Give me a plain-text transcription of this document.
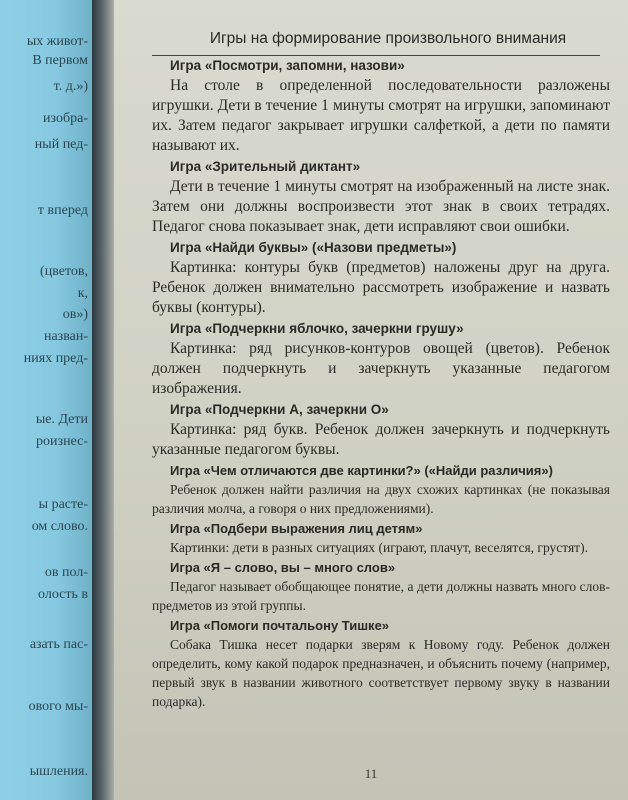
ых живот-
В первом
т. д.»)
изобра-
ный пед-
т вперед
(цветов,
к,
ов»)
назван-
ниях пред-
ые. Дети
роизнес-
ы расте-
ом слово.
ов пол-
олость в
азать пас-
ового мы-
ышления.
Игры на формирование произвольного внимания
Игра «Посмотри, запомни, назови»
На столе в определенной последовательности разложены игрушки. Дети в течение 1 минуты смотрят на игрушки, запоминают их. Затем педагог закрывает игрушки салфеткой, а дети по памяти называют их.
Игра «Зрительный диктант»
Дети в течение 1 минуты смотрят на изображенный на листе знак. Затем они должны воспроизвести этот знак в своих тетрадях. Педагог снова показывает знак, дети исправляют свои ошибки.
Игра «Найди буквы» («Назови предметы»)
Картинка: контуры букв (предметов) наложены друг на друга. Ребенок должен внимательно рассмотреть изображение и назвать буквы (контуры).
Игра «Подчеркни яблочко, зачеркни грушу»
Картинка: ряд рисунков-контуров овощей (цветов). Ребенок должен подчеркнуть и зачеркнуть указанные педагогом изображения.
Игра «Подчеркни А, зачеркни О»
Картинка: ряд букв. Ребенок должен зачеркнуть и подчеркнуть указанные педагогом буквы.
Игра «Чем отличаются две картинки?» («Найди различия»)
Ребенок должен найти различия на двух схожих картинках (не показывая различия молча, а говоря о них предложениями).
Игра «Подбери выражения лиц детям»
Картинки: дети в разных ситуациях (играют, плачут, веселятся, грустят).
Игра «Я – слово, вы – много слов»
Педагог называет обобщающее понятие, а дети должны назвать много слов-предметов из этой группы.
Игра «Помоги почтальону Тишке»
Собака Тишка несет подарки зверям к Новому году. Ребенок должен определить, кому какой подарок предназначен, и объяснить почему (например, первый звук в названии животного соответствует первому звуку в названии подарка).
11
